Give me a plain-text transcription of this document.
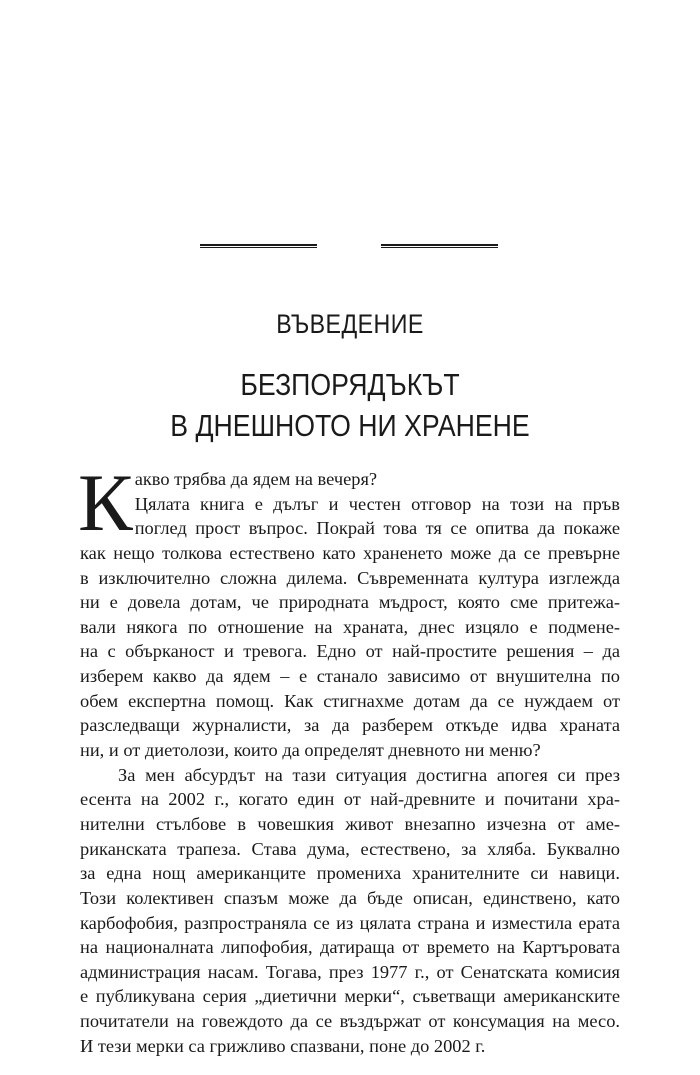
ВЪВЕДЕНИЕ
БЕЗПОРЯДЪКЪТ
В ДНЕШНОТО НИ ХРАНЕНЕ
К акво трябва да ядем на вечеря?
Цялата книга е дълъг и честен отговор на този на пръв
поглед прост въпрос. Покрай това тя се опитва да покаже
как нещо толкова естествено като храненето може да се превърне
в изключително сложна дилема. Съвременната култура изглежда
ни е довела дотам, че природната мъдрост, която сме притежа-
вали някога по отношение на храната, днес изцяло е подмене-
на с обърканост и тревога. Едно от най-простите решения – да
изберем какво да ядем – е станало зависимо от внушителна по
обем експертна помощ. Как стигнахме дотам да се нуждаем от
разследващи журналисти, за да разберем откъде идва храната
ни, и от диетолози, които да определят дневното ни меню?
За мен абсурдът на тази ситуация достигна апогея си през
есента на 2002 г., когато един от най-древните и почитани хра-
нителни стълбове в човешкия живот внезапно изчезна от аме-
риканската трапеза. Става дума, естествено, за хляба. Буквално
за една нощ американците промениха хранителните си навици.
Този колективен спазъм може да бъде описан, единствено, като
карбофобия, разпространяла се из цялата страна и изместила ерата
на националната липофобия, датираща от времето на Картъровата
администрация насам. Тогава, през 1977 г., от Сенатската комисия
е публикувана серия „диетични мерки“, съветващи американските
почитатели на говеждото да се въздържат от консумация на месо.
И тези мерки са грижливо спазвани, поне до 2002 г.
